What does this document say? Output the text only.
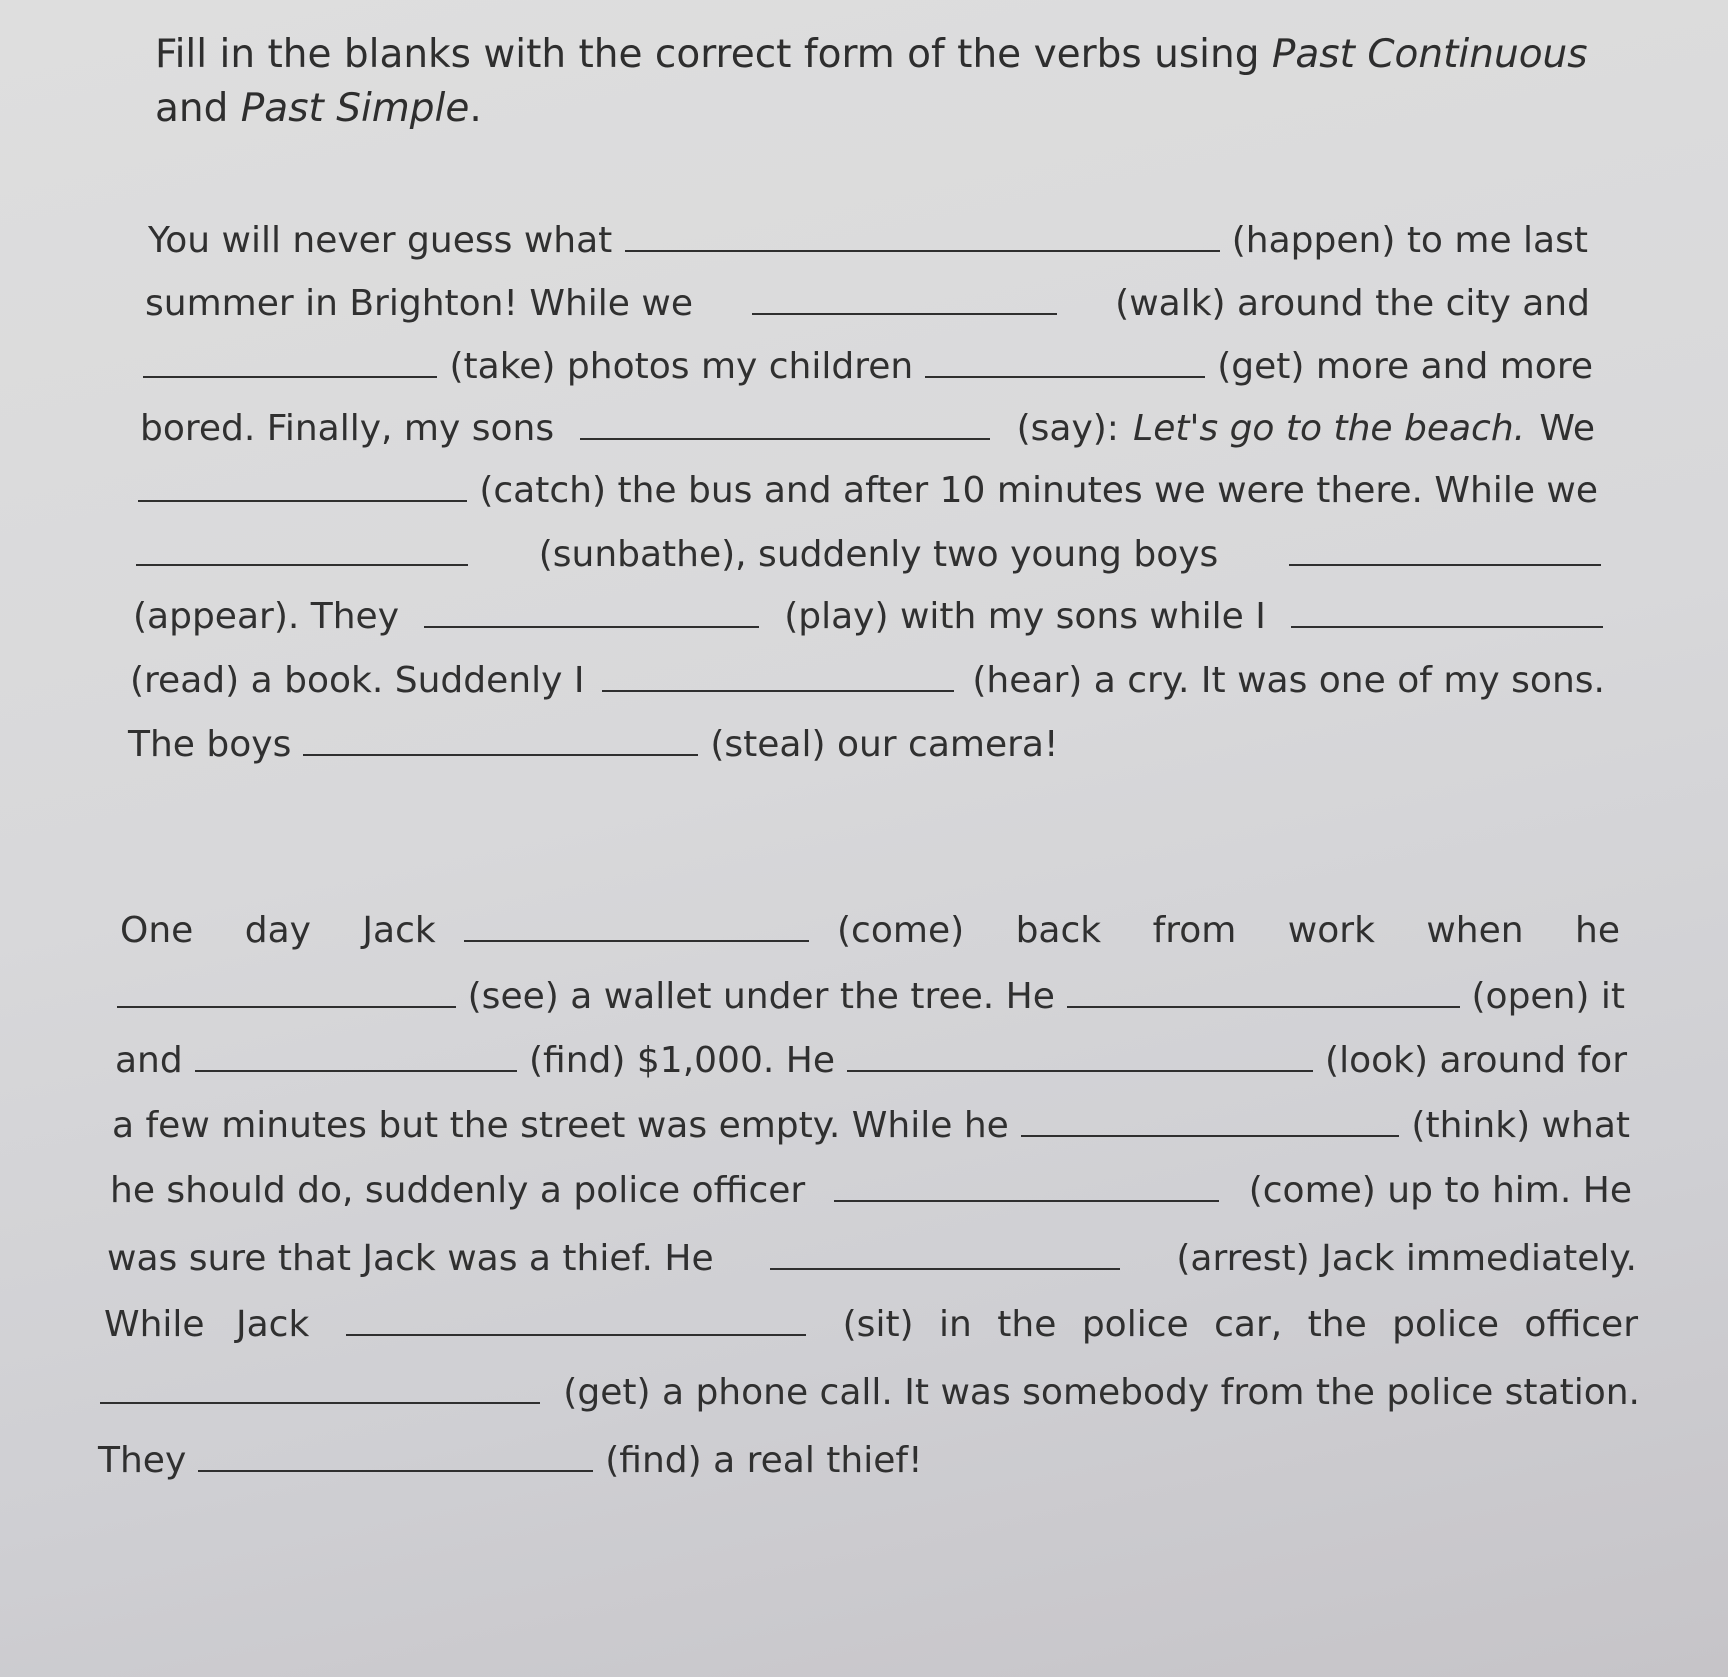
Fill in the blanks with the correct form of the verbs using Past Continuous
and Past Simple.
You will never guess what	(happen) to me last
summer in Brighton! While we	(walk) around the city and
(take) photos my children	(get) more and more
bored. Finally, my sons	(say): Let's go to the beach. We
(catch) the bus and after 10 minutes we were there. While we
(sunbathe), suddenly two young boys
(appear). They	(play) with my sons while I
(read) a book. Suddenly I	(hear) a cry. It was one of my sons.
The boys	(steal) our camera!
One day Jack	(come) back from work when he
(see) a wallet under the tree. He	(open) it
and	(find) $1,000. He	(look) around for
a few minutes but the street was empty. While he	(think) what
he should do, suddenly a police officer	(come) up to him. He
was sure that Jack was a thief. He	(arrest) Jack immediately.
While Jack	(sit) in the police car, the police officer
(get) a phone call. It was somebody from the police station.
They	(find) a real thief!
